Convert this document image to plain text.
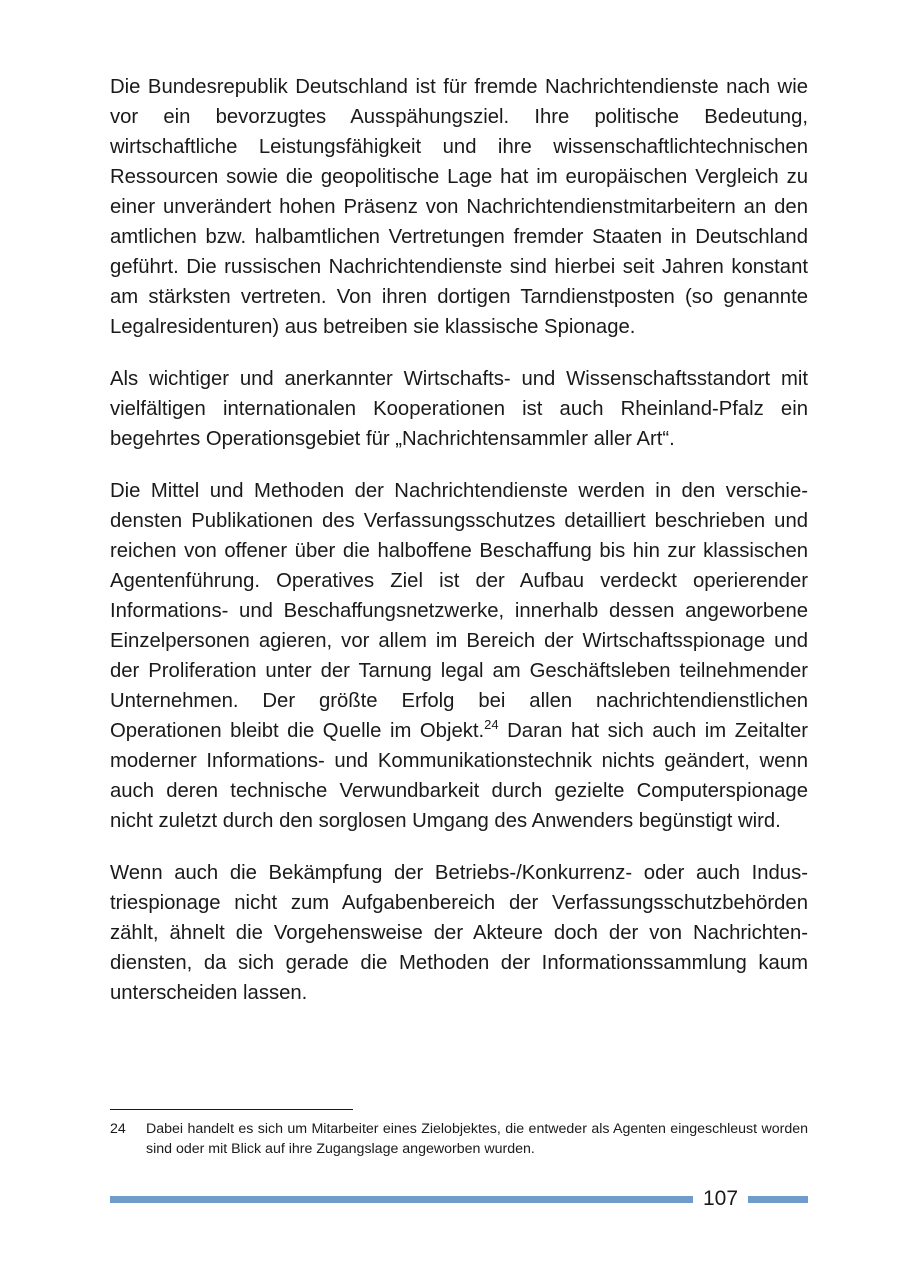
Die Bundesrepublik Deutschland ist für fremde Nachrichtendienste nach wie vor ein bevorzugtes Ausspähungsziel. Ihre politische Bedeutung, wirtschaftliche Leistungsfähigkeit und ihre wissenschaftlichtechnischen Ressourcen sowie die geopolitische Lage hat im europäischen Vergleich zu einer unverändert hohen Präsenz von Nachrichtendienstmitarbeitern an den amtlichen bzw. halbamtlichen Vertretungen fremder Staaten in Deutschland geführt. Die russischen Nachrichtendienste sind hierbei seit Jahren konstant am stärksten vertreten. Von ihren dortigen Tarndienstposten (so genannte Legalresidenturen) aus betreiben sie klassische Spionage.

Als wichtiger und anerkannter Wirtschafts- und Wissenschaftsstandort mit vielfältigen internationalen Kooperationen ist auch Rheinland-Pfalz ein begehrtes Operationsgebiet für „Nachrichtensammler aller Art“.

Die Mittel und Methoden der Nachrichtendienste werden in den verschiedensten Publikationen des Verfassungsschutzes detailliert beschrieben und reichen von offener über die halboffene Beschaffung bis hin zur klassischen Agentenführung. Operatives Ziel ist der Aufbau verdeckt operierender Informations- und Beschaffungsnetzwerke, innerhalb dessen angeworbene Einzelpersonen agieren, vor allem im Bereich der Wirtschaftsspionage und der Proliferation unter der Tarnung legal am Geschäftsleben teilnehmender Unternehmen. Der größte Erfolg bei allen nachrichtendienstlichen Operationen bleibt die Quelle im Objekt.$^{24}$ Daran hat sich auch im Zeitalter moderner Informations- und Kommunikationstechnik nichts geändert, wenn auch deren technische Verwundbarkeit durch gezielte Computerspionage nicht zuletzt durch den sorglosen Umgang des Anwenders begünstigt wird.

Wenn auch die Bekämpfung der Betriebs-/Konkurrenz- oder auch Industriespionage nicht zum Aufgabenbereich der Verfassungsschutzbehörden zählt, ähnelt die Vorgehensweise der Akteure doch der von Nachrichtendiensten, da sich gerade die Methoden der Informationssammlung kaum unterscheiden lassen.

24	Dabei handelt es sich um Mitarbeiter eines Zielobjektes, die entweder als Agenten eingeschleust worden sind oder mit Blick auf ihre Zugangslage angeworben wurden.
107
